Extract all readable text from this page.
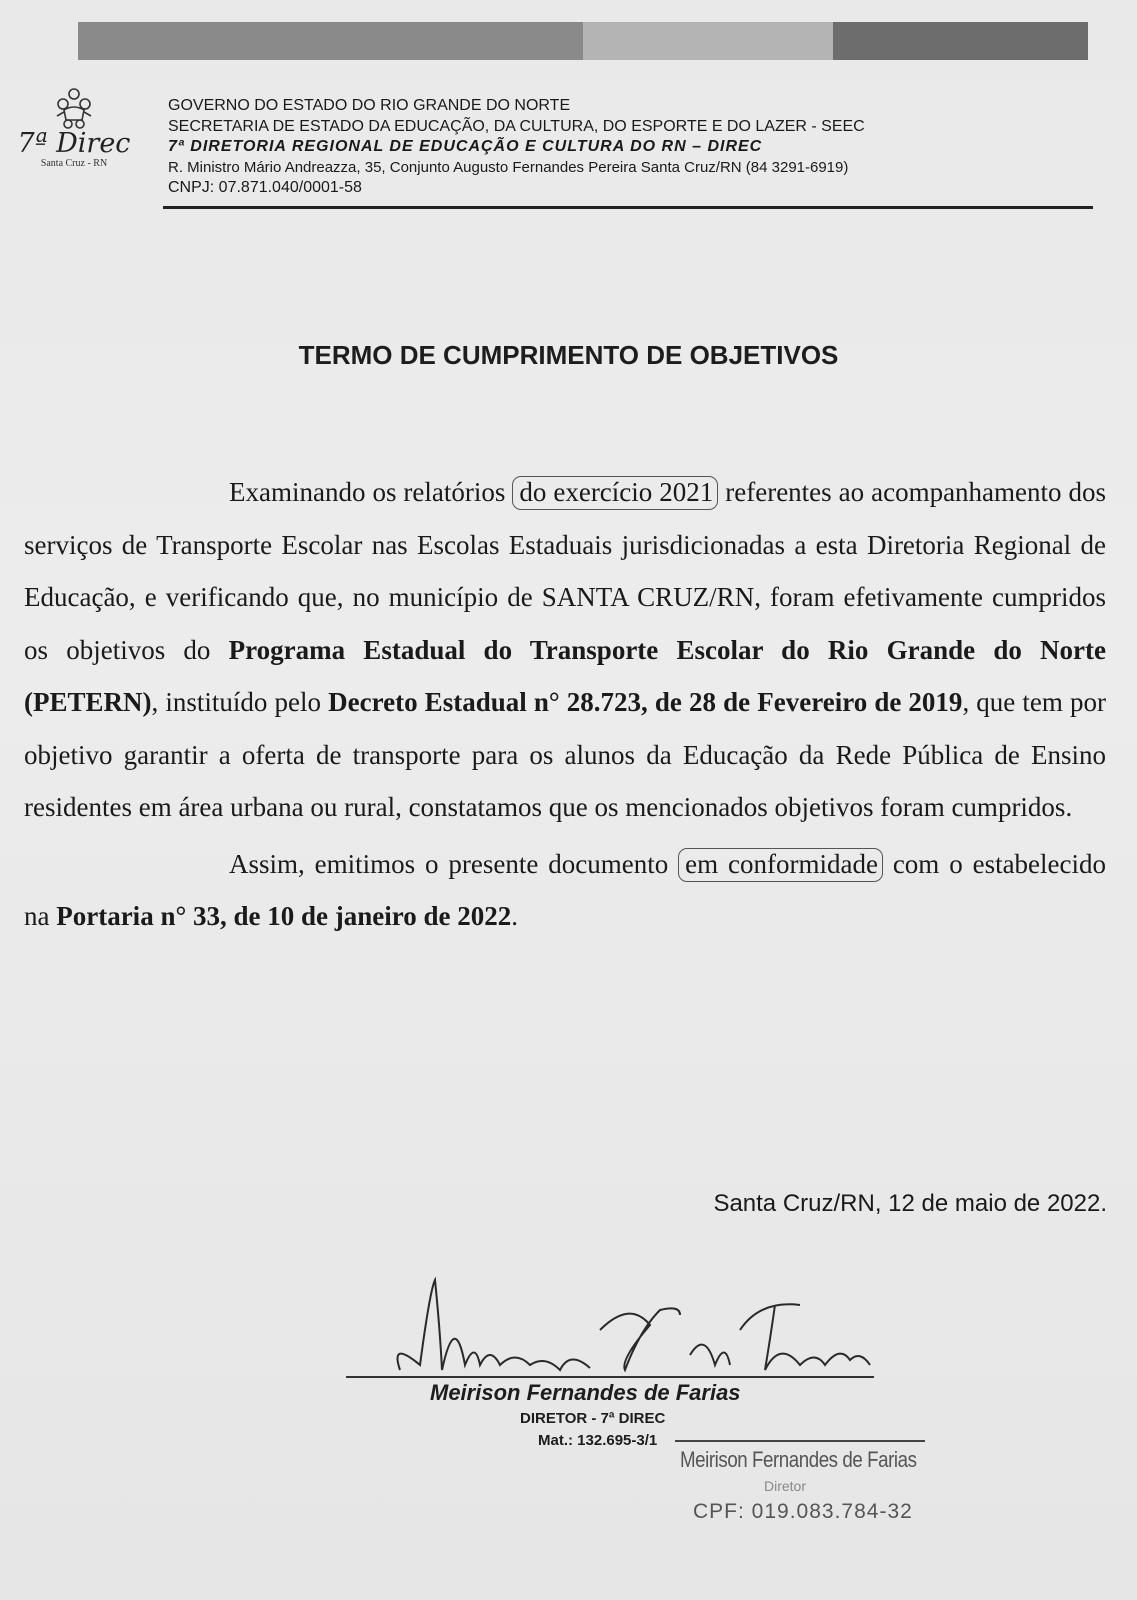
7ª Direc
Santa Cruz - RN
GOVERNO DO ESTADO DO RIO GRANDE DO NORTE
SECRETARIA DE ESTADO DA EDUCAÇÃO, DA CULTURA, DO ESPORTE E DO LAZER - SEEC
7ª DIRETORIA REGIONAL DE EDUCAÇÃO E CULTURA DO RN – DIREC
R. Ministro Mário Andreazza, 35, Conjunto Augusto Fernandes Pereira Santa Cruz/RN (84 3291-6919)
CNPJ: 07.871.040/0001-58
TERMO DE CUMPRIMENTO DE OBJETIVOS

Examinando os relatórios do exercício 2021 referentes ao acompanhamento dos serviços de Transporte Escolar nas Escolas Estaduais jurisdicionadas a esta Diretoria Regional de Educação, e verificando que, no município de SANTA CRUZ/RN, foram efetivamente cumpridos os objetivos do Programa Estadual do Transporte Escolar do Rio Grande do Norte (PETERN), instituído pelo Decreto Estadual n° 28.723, de 28 de Fevereiro de 2019, que tem por objetivo garantir a oferta de transporte para os alunos da Educação da Rede Pública de Ensino residentes em área urbana ou rural, constatamos que os mencionados objetivos foram cumpridos.

Assim, emitimos o presente documento em conformidade com o estabelecido na Portaria n° 33, de 10 de janeiro de 2022.

Santa Cruz/RN, 12 de maio de 2022.
Meirison Fernandes de Farias
DIRETOR - 7ª DIREC
Mat.: 132.695-3/1
Meirison Fernandes de Farias
Diretor
CPF: 019.083.784-32
